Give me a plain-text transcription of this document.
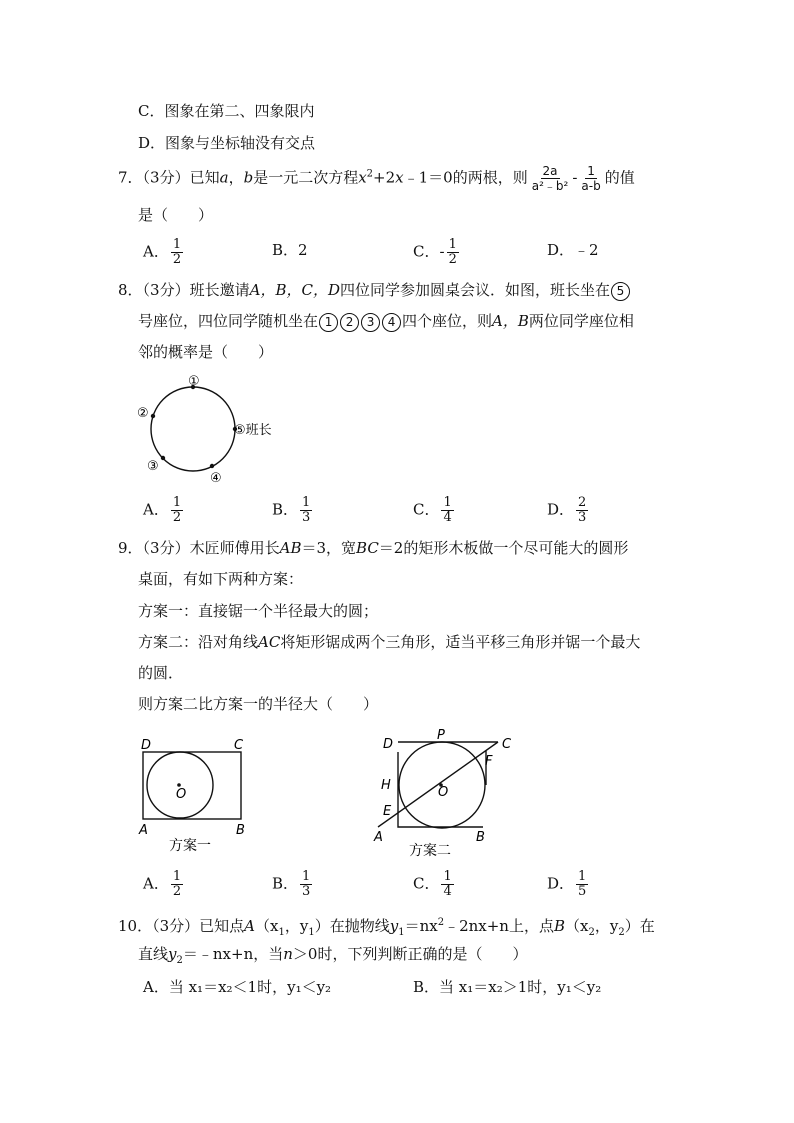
C．图象在第二、四象限内
D．图象与坐标轴没有交点
7．（3分）已知a，b是一元二次方程$x^2+2x﹣1=0$的两根，则 $\frac{2a}{\text{a²﹣b²}} - \frac{1}{a-b}$ 的值
是（　　）
A． $\frac{1}{2}$	B．2	C．- $\frac{1}{2}$	D．﹣2
8．（3分）班长邀请A，B，C，D四位同学参加圆桌会议．如图，班长坐在 5
号座位，四位同学随机坐在 1 2 3 4 四个座位，则A，B两位同学座位相
邻的概率是（　　）
①
②
③
④
⑤班长
A． $\frac{1}{2}$	B． $\frac{1}{3}$	C． $\frac{1}{4}$	D． $\frac{2}{3}$
9．（3分）木匠师傅用长AB＝3，宽BC＝2的矩形木板做一个尽可能大的圆形
桌面，有如下两种方案：
方案一：直接锯一个半径最大的圆；
方案二：沿对角线AC将矩形锯成两个三角形，适当平移三角形并锯一个最大
的圆．
则方案二比方案一的半径大（　　）
D	C
A	B
O
方案一
D
P
C
F
H	O
E
A	B
方案二
A． $\frac{1}{2}$	B． $\frac{1}{3}$	C． $\frac{1}{4}$	D． $\frac{1}{5}$
10．（3分）已知点$A(x_1$，$y_1$）在抛物线$y_1=nx^2﹣2nx+n$上，点$B(x_2$，$y_2$）在
直线$y_2=﹣nx+n$，当n＞0时，下列判断正确的是（　　）
A．当 x₁＝x₂＜1时，y₁＜y₂	B．当 x₁＝x₂＞1时，y₁＜y₂
